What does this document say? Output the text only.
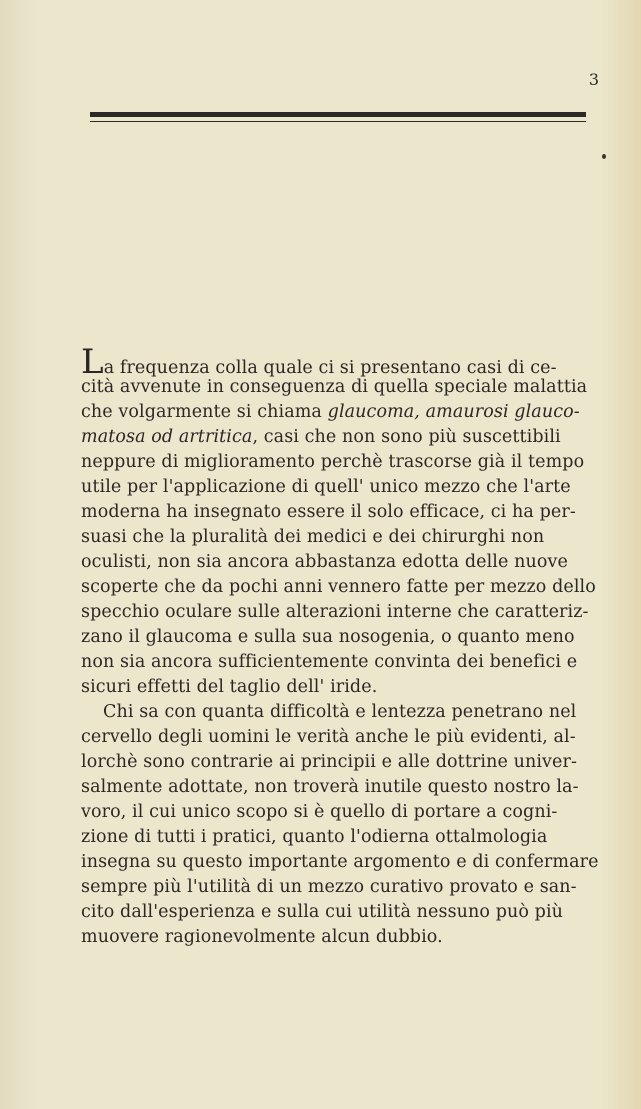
3
La frequenza colla quale ci si presentano casi di ce-
cità avvenute in conseguenza di quella speciale malattia
che volgarmente si chiama glaucoma, amaurosi glauco-
matosa od artritica, casi che non sono più suscettibili
neppure di miglioramento perchè trascorse già il tempo
utile per l'applicazione di quell' unico mezzo che l'arte
moderna ha insegnato essere il solo efficace, ci ha per-
suasi che la pluralità dei medici e dei chirurghi non
oculisti, non sia ancora abbastanza edotta delle nuove
scoperte che da pochi anni vennero fatte per mezzo dello
specchio oculare sulle alterazioni interne che caratteriz-
zano il glaucoma e sulla sua nosogenia, o quanto meno
non sia ancora sufficientemente convinta dei benefici e
sicuri effetti del taglio dell' iride.
Chi sa con quanta difficoltà e lentezza penetrano nel
cervello degli uomini le verità anche le più evidenti, al-
lorchè sono contrarie ai principii e alle dottrine univer-
salmente adottate, non troverà inutile questo nostro la-
voro, il cui unico scopo si è quello di portare a cogni-
zione di tutti i pratici, quanto l'odierna ottalmologia
insegna su questo importante argomento e di confermare
sempre più l'utilità di un mezzo curativo provato e san-
cito dall'esperienza e sulla cui utilità nessuno può più
muovere ragionevolmente alcun dubbio.
